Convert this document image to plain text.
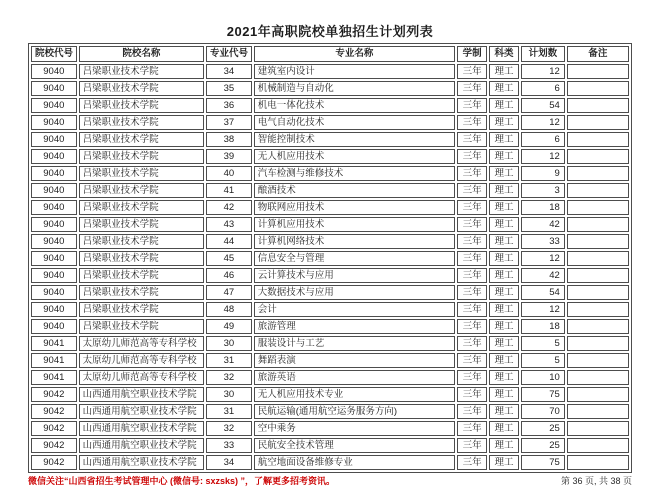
2021年高职院校单独招生计划列表
院校代号	院校名称	专业代号	专业名称	学制	科类	计划数	备注
9040	吕梁职业技术学院	34	建筑室内设计	三年	理工	12	
9040	吕梁职业技术学院	35	机械制造与自动化	三年	理工	6	
9040	吕梁职业技术学院	36	机电一体化技术	三年	理工	54	
9040	吕梁职业技术学院	37	电气自动化技术	三年	理工	12	
9040	吕梁职业技术学院	38	智能控制技术	三年	理工	6	
9040	吕梁职业技术学院	39	无人机应用技术	三年	理工	12	
9040	吕梁职业技术学院	40	汽车检测与维修技术	三年	理工	9	
9040	吕梁职业技术学院	41	酿酒技术	三年	理工	3	
9040	吕梁职业技术学院	42	物联网应用技术	三年	理工	18	
9040	吕梁职业技术学院	43	计算机应用技术	三年	理工	42	
9040	吕梁职业技术学院	44	计算机网络技术	三年	理工	33	
9040	吕梁职业技术学院	45	信息安全与管理	三年	理工	12	
9040	吕梁职业技术学院	46	云计算技术与应用	三年	理工	42	
9040	吕梁职业技术学院	47	大数据技术与应用	三年	理工	54	
9040	吕梁职业技术学院	48	会计	三年	理工	12	
9040	吕梁职业技术学院	49	旅游管理	三年	理工	18	
9041	太原幼儿师范高等专科学校	30	服装设计与工艺	三年	理工	5	
9041	太原幼儿师范高等专科学校	31	舞蹈表演	三年	理工	5	
9041	太原幼儿师范高等专科学校	32	旅游英语	三年	理工	10	
9042	山西通用航空职业技术学院	30	无人机应用技术专业	三年	理工	75	
9042	山西通用航空职业技术学院	31	民航运输(通用航空运务服务方向)	三年	理工	70	
9042	山西通用航空职业技术学院	32	空中乘务	三年	理工	25	
9042	山西通用航空职业技术学院	33	民航安全技术管理	三年	理工	25	
9042	山西通用航空职业技术学院	34	航空地面设备维修专业	三年	理工	75	
微信关注“山西省招生考试管理中心 (微信号: sxzsks) ”，了解更多招考资讯。	第 36 页, 共 38 页
